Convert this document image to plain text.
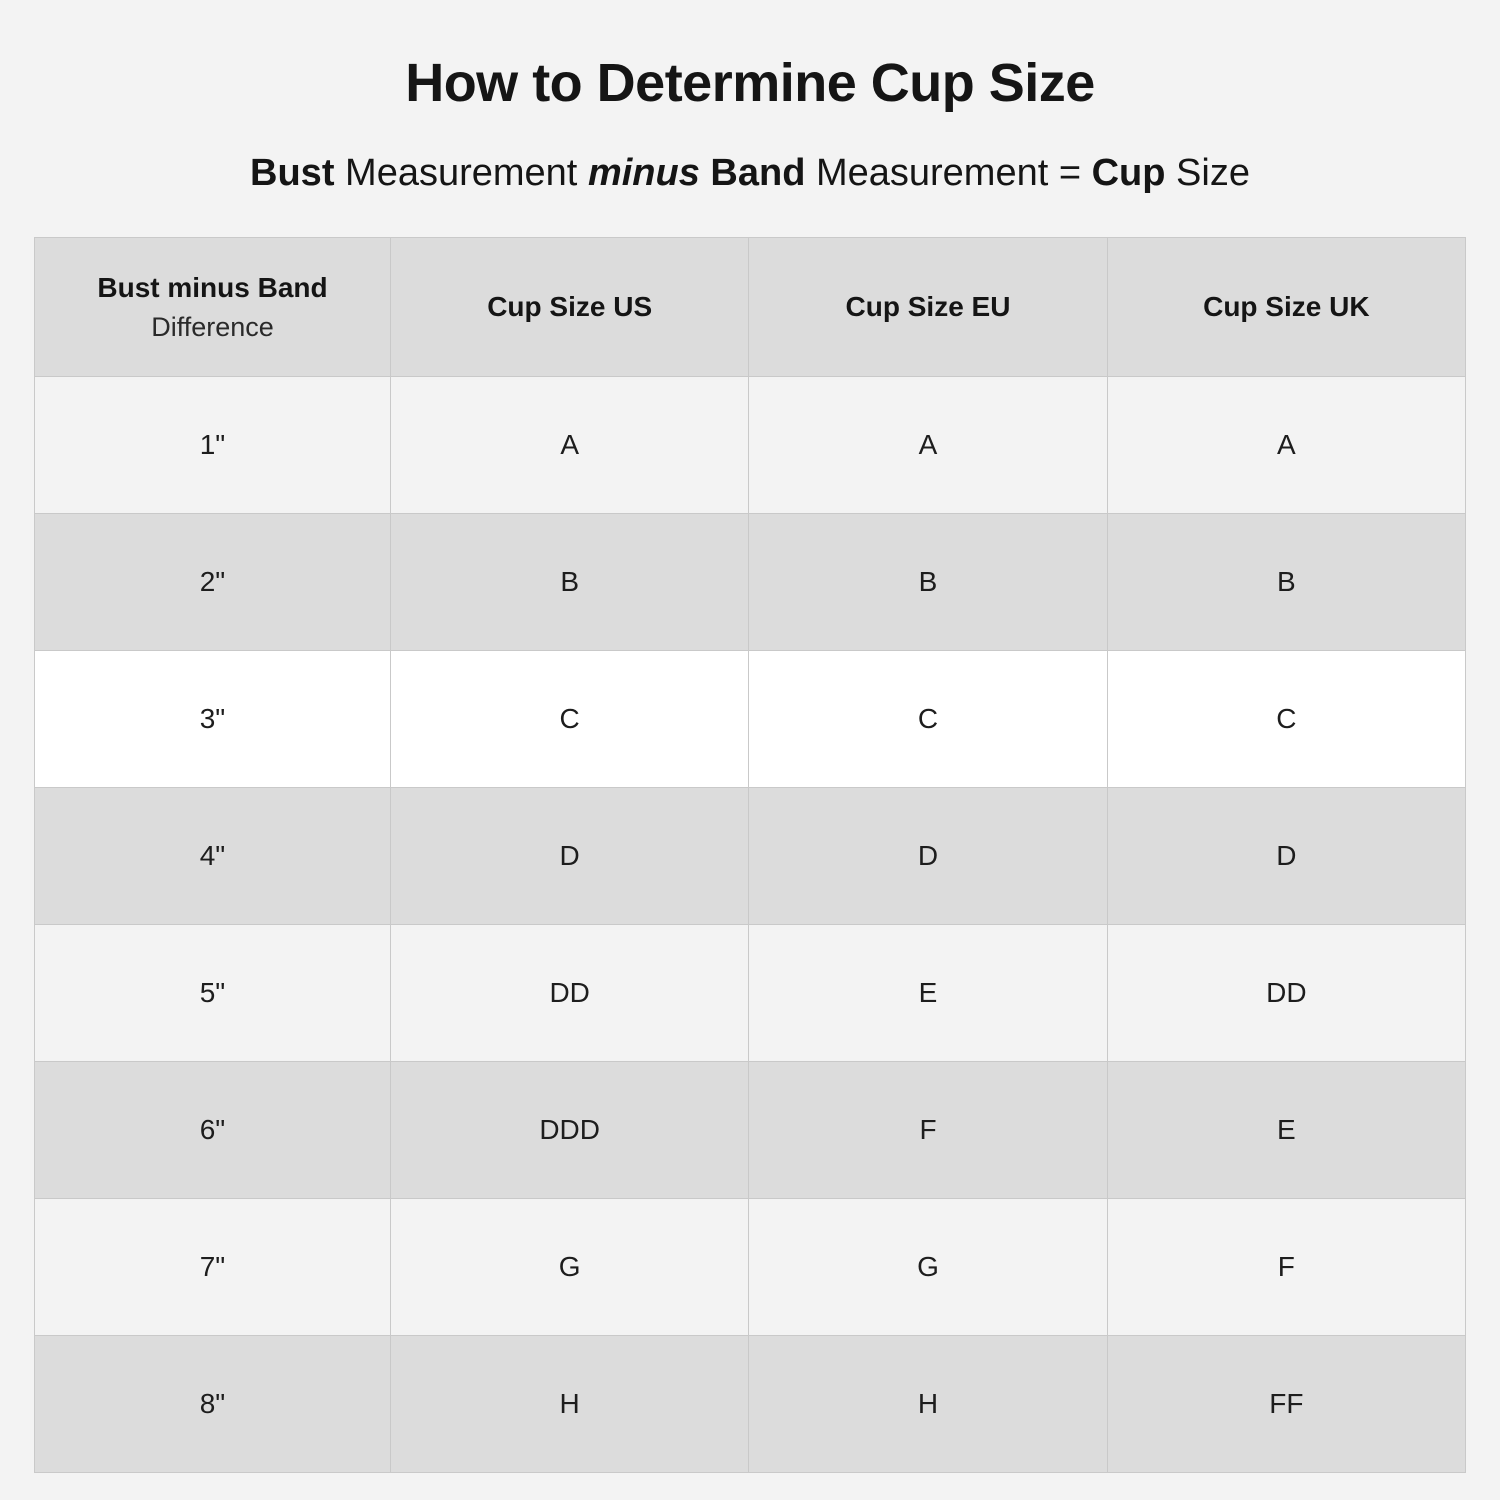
How to Determine Cup Size
Bust Measurement minus Band Measurement = Cup Size
Bust minus Band
Difference	Cup Size US	Cup Size EU	Cup Size UK
1"	A	A	A
2"	B	B	B
3"	C	C	C
4"	D	D	D
5"	DD	E	DD
6"	DDD	F	E
7"	G	G	F
8"	H	H	FF
